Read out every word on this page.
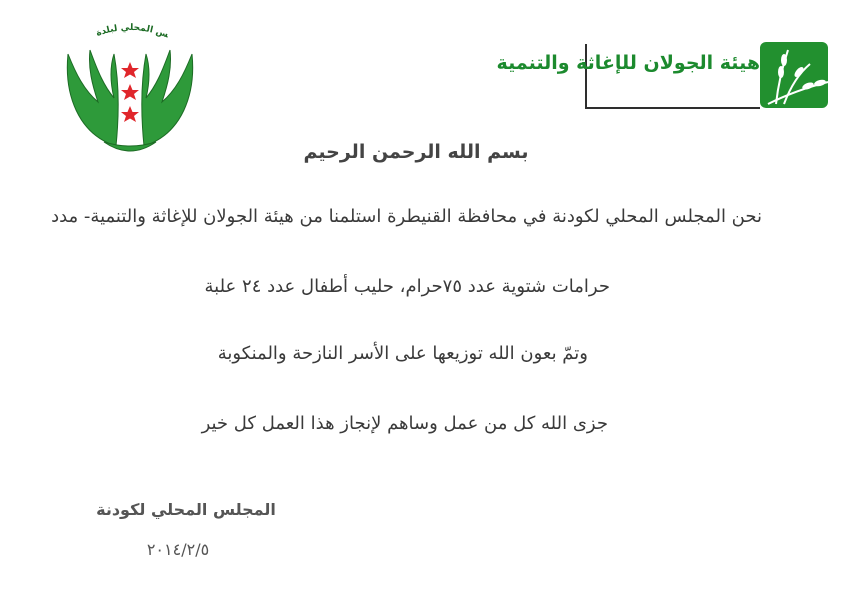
س المحلي لبلدة
هيئة الجولان للإغاثة والتنمية
بسم الله الرحمن الرحيم
نحن المجلس المحلي لكودنة في محافظة القنيطرة استلمنا من هيئة الجولان للإغاثة والتنمية- مدد
حرامات شتوية عدد ٧٥حرام، حليب أطفال عدد ٢٤ علبة
وتمّ بعون الله توزيعها على الأسر النازحة والمنكوبة
جزى الله كل من عمل وساهم لإنجاز هذا العمل كل خير
المجلس المحلي لكودنة
٢٠١٤/٢/٥
